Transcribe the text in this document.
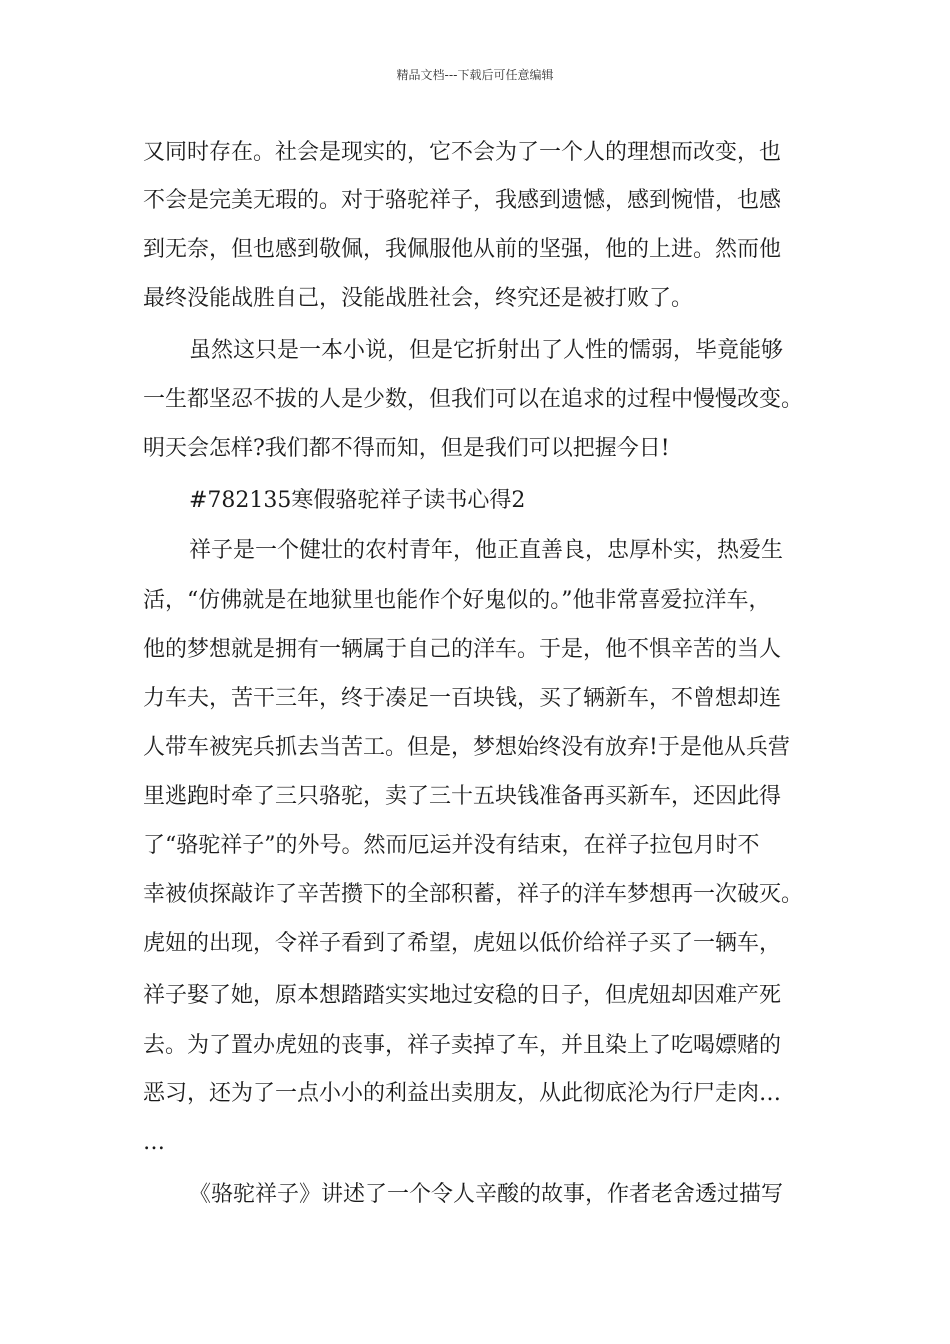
精品文档---下载后可任意编辑
又同时存在。社会是现实的，它不会为了一个人的理想而改变，也
不会是完美无瑕的。对于骆驼祥子，我感到遗憾，感到惋惜，也感
到无奈，但也感到敬佩，我佩服他从前的坚强，他的上进。然而他
最终没能战胜自己，没能战胜社会，终究还是被打败了。
虽然这只是一本小说，但是它折射出了人性的懦弱，毕竟能够
一生都坚忍不拔的人是少数，但我们可以在追求的过程中慢慢改变。
明天会怎样?我们都不得而知，但是我们可以把握今日!
#782135寒假骆驼祥子读书心得2
祥子是一个健壮的农村青年，他正直善良，忠厚朴实，热爱生
活，“仿佛就是在地狱里也能作个好鬼似的。”他非常喜爱拉洋车，
他的梦想就是拥有一辆属于自己的洋车。于是，他不惧辛苦的当人
力车夫，苦干三年，终于凑足一百块钱，买了辆新车，不曾想却连
人带车被宪兵抓去当苦工。但是，梦想始终没有放弃!于是他从兵营
里逃跑时牵了三只骆驼，卖了三十五块钱准备再买新车，还因此得
了“骆驼祥子”的外号。然而厄运并没有结束，在祥子拉包月时不
幸被侦探敲诈了辛苦攒下的全部积蓄，祥子的洋车梦想再一次破灭。
虎妞的出现，令祥子看到了希望，虎妞以低价给祥子买了一辆车，
祥子娶了她，原本想踏踏实实地过安稳的日子，但虎妞却因难产死
去。为了置办虎妞的丧事，祥子卖掉了车，并且染上了吃喝嫖赌的
恶习，还为了一点小小的利益出卖朋友，从此彻底沦为行尸走肉…
…
《骆驼祥子》讲述了一个令人辛酸的故事，作者老舍透过描写
